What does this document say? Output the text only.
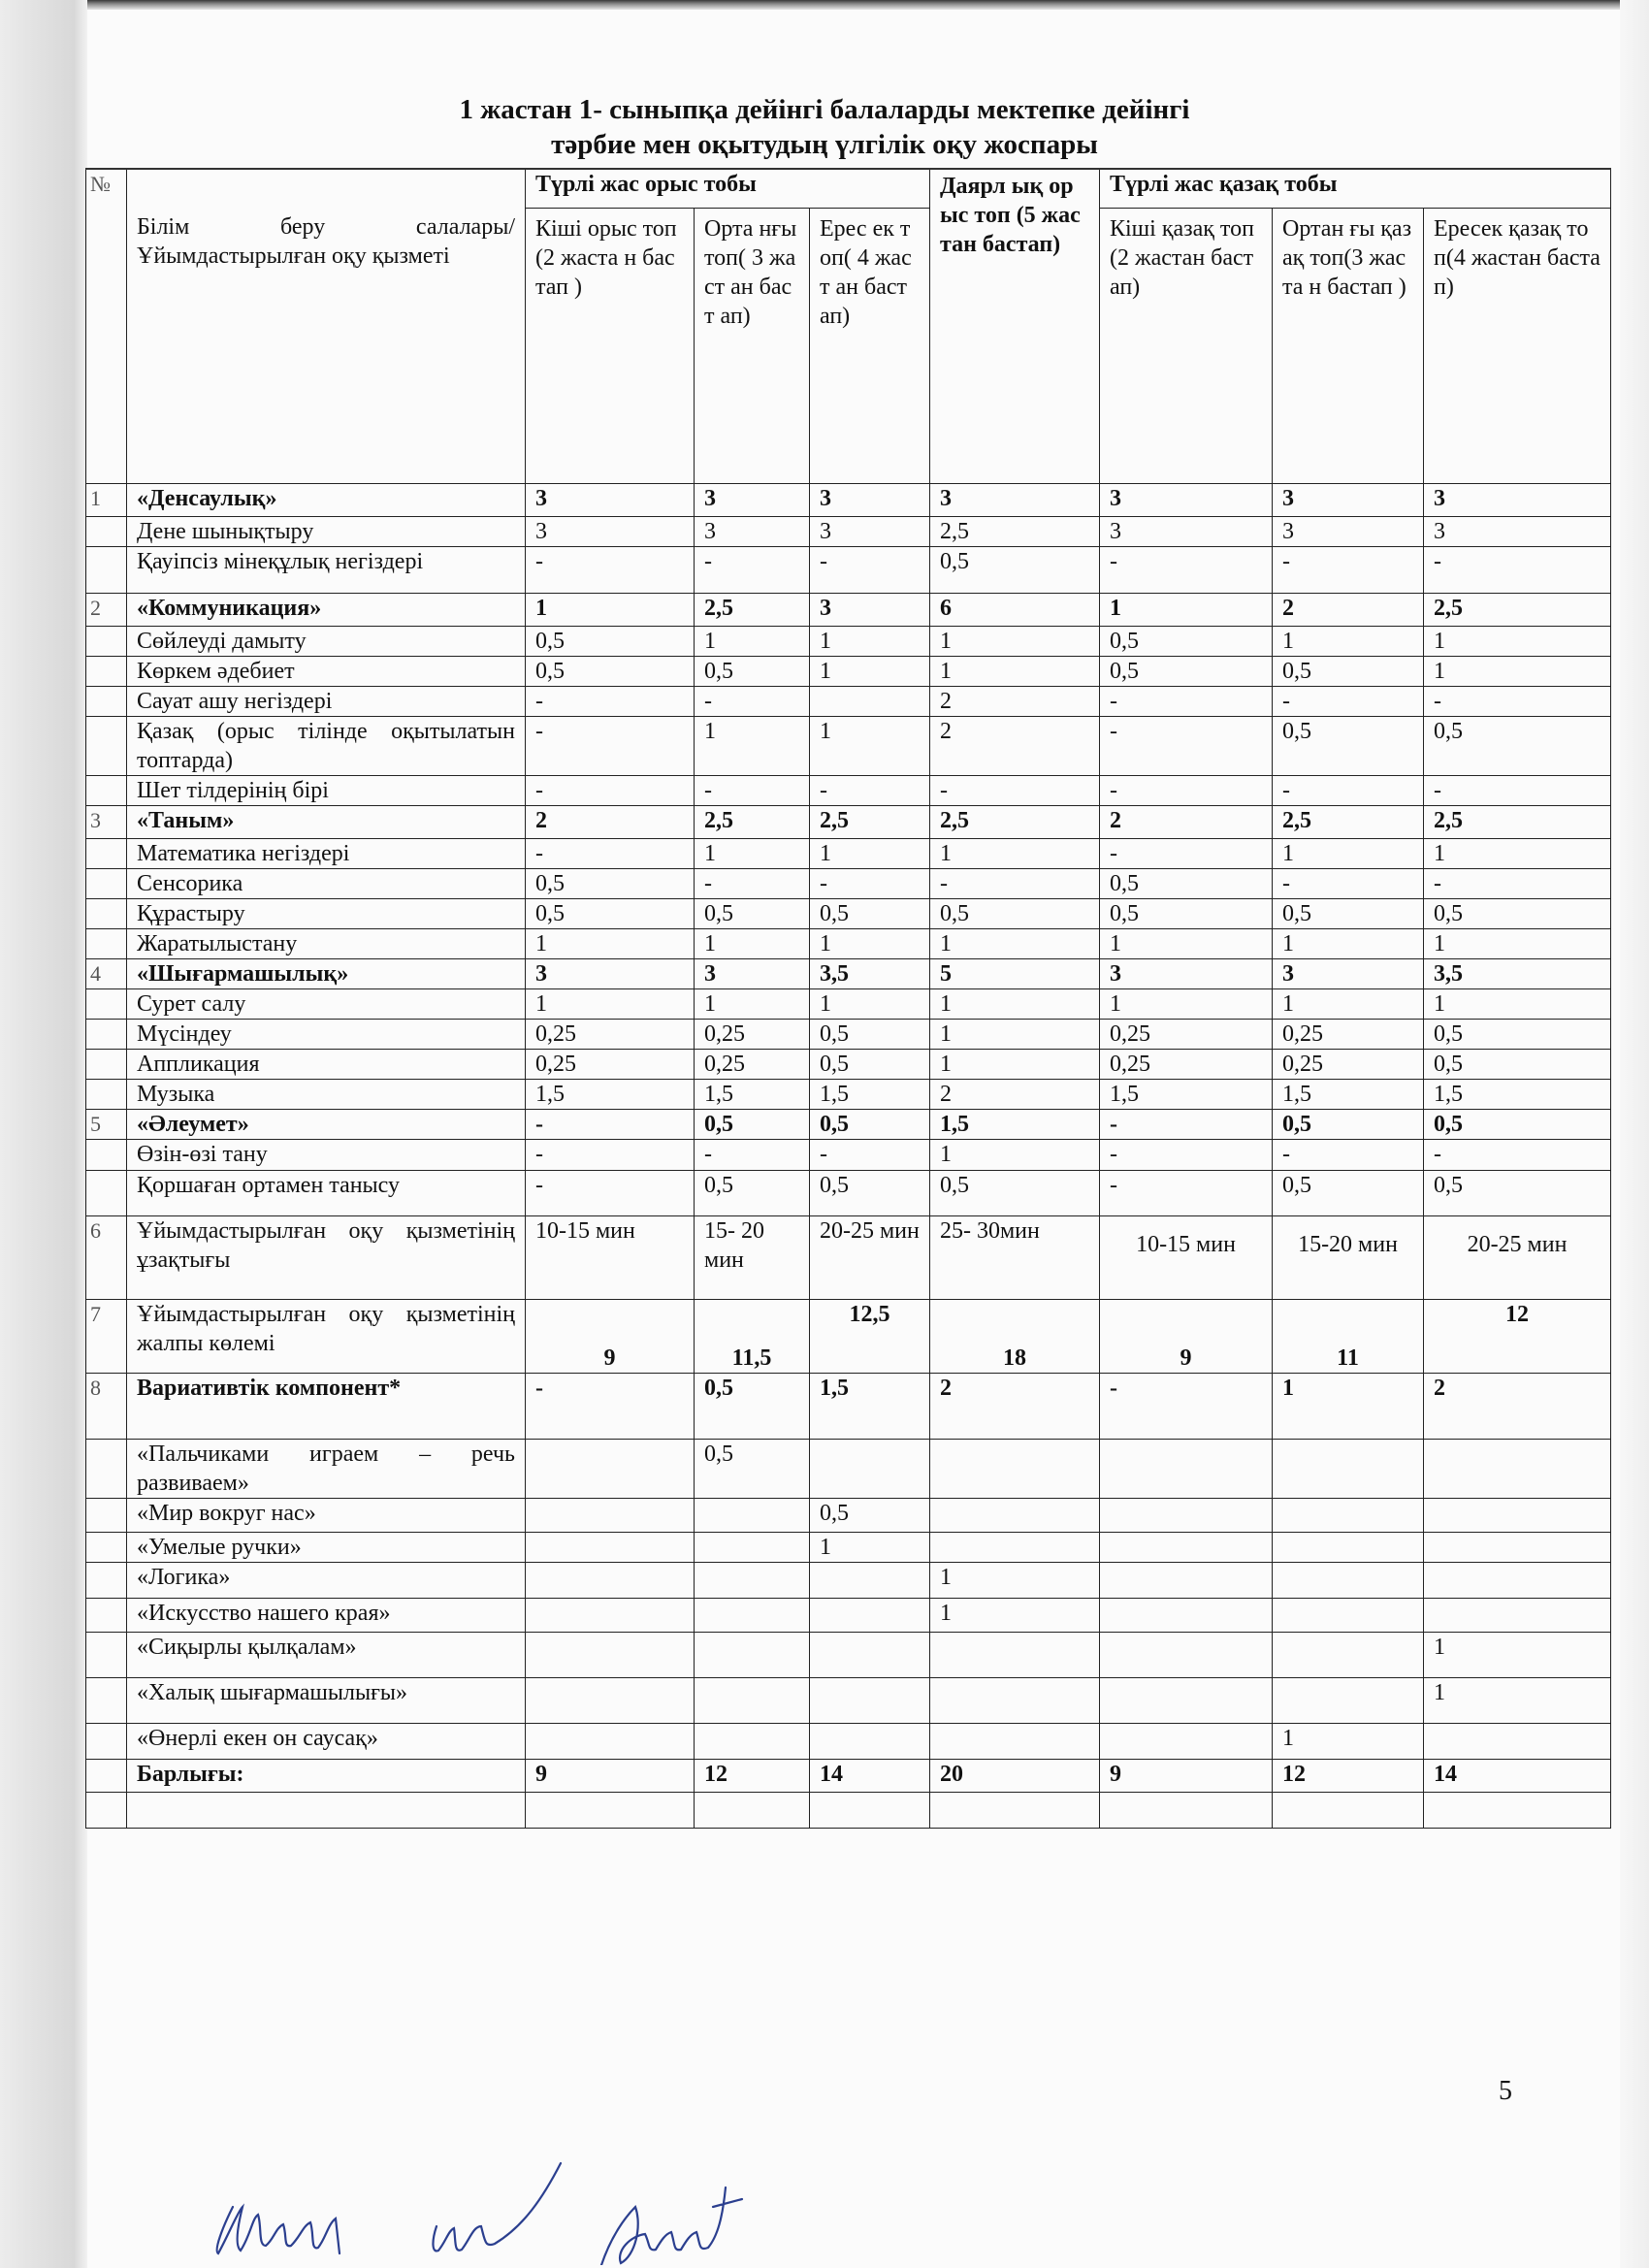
1 жастан 1- сыныпқа дейінгі балаларды мектепке дейінгі
тәрбие мен оқытудың үлгілік оқу жоспары
№	Білім беру салалары/ Ұйымдастырылған оқу қызметі	Түрлі жас орыс тобы			Даярл ық орыс топ (5 жастан бастап)	Түрлі жас қазақ тобы		
		Кіші орыс топ (2 жаста н бастап )	Орта нғы топ( 3 жаст ан баст ап)	Ерес ек топ( 4 жаст ан баст ап)		Кіші қазақ топ (2 жастан бастап)	Ортан ғы қазақ топ(3 жаста н бастап )	Ересек қазақ топ(4 жастан бастап)
1	«Денсаулық»	3	3	3	3	3	3	3
	Дене шынықтыру	3	3	3	2,5	3	3	3
	Қауіпсіз мінеқұлық негіздері	-	-	-	0,5	-	-	-
2	«Коммуникация»	1	2,5	3	6	1	2	2,5
	Сөйлеуді дамыту	0,5	1	1	1	0,5	1	1
	Көркем әдебиет	0,5	0,5	1	1	0,5	0,5	1
	Сауат ашу негіздері	-	-		2	-	-	-
	Қазақ (орыс тілінде оқытылатын топтарда)	-	1	1	2	-	0,5	0,5
	Шет тілдерінің бірі	-	-	-	-	-	-	-
3	«Таным»	2	2,5	2,5	2,5	2	2,5	2,5
	Математика негіздері	-	1	1	1	-	1	1
	Сенсорика	0,5	-	-	-	0,5	-	-
	Құрастыру	0,5	0,5	0,5	0,5	0,5	0,5	0,5
	Жаратылыстану	1	1	1	1	1	1	1
4	«Шығармашылық»	3	3	3,5	5	3	3	3,5
	Сурет салу	1	1	1	1	1	1	1
	Мүсіндеу	0,25	0,25	0,5	1	0,25	0,25	0,5
	Аппликация	0,25	0,25	0,5	1	0,25	0,25	0,5
	Музыка	1,5	1,5	1,5	2	1,5	1,5	1,5
5	«Әлеумет»	-	0,5	0,5	1,5	-	0,5	0,5
	Өзін-өзі тану	-	-	-	1	-	-	-
	Қоршаған ортамен танысу	-	0,5	0,5	0,5	-	0,5	0,5
6	Ұйымдастырылған оқу қызметінің ұзақтығы	10-15 мин	15- 20 мин	20-25 мин	25- 30мин	10-15 мин	15-20 мин	20-25 мин
7	Ұйымдастырылған оқу қызметінің жалпы көлемі	9	11,5	12,5	18	9	11	12
8	Вариативтік компонент*	-	0,5	1,5	2	-	1	2
	«Пальчиками играем – речь развиваем»		0,5					
	«Мир вокруг нас»			0,5				
	«Умелые ручки»			1				
	«Логика»				1			
	«Искусство нашего края»				1			
	«Сиқырлы қылқалам»							1
	«Халық шығармашылығы»							1
	«Өнерлі екен он саусақ»						1	
	Барлығы:	9	12	14	20	9	12	14

5
